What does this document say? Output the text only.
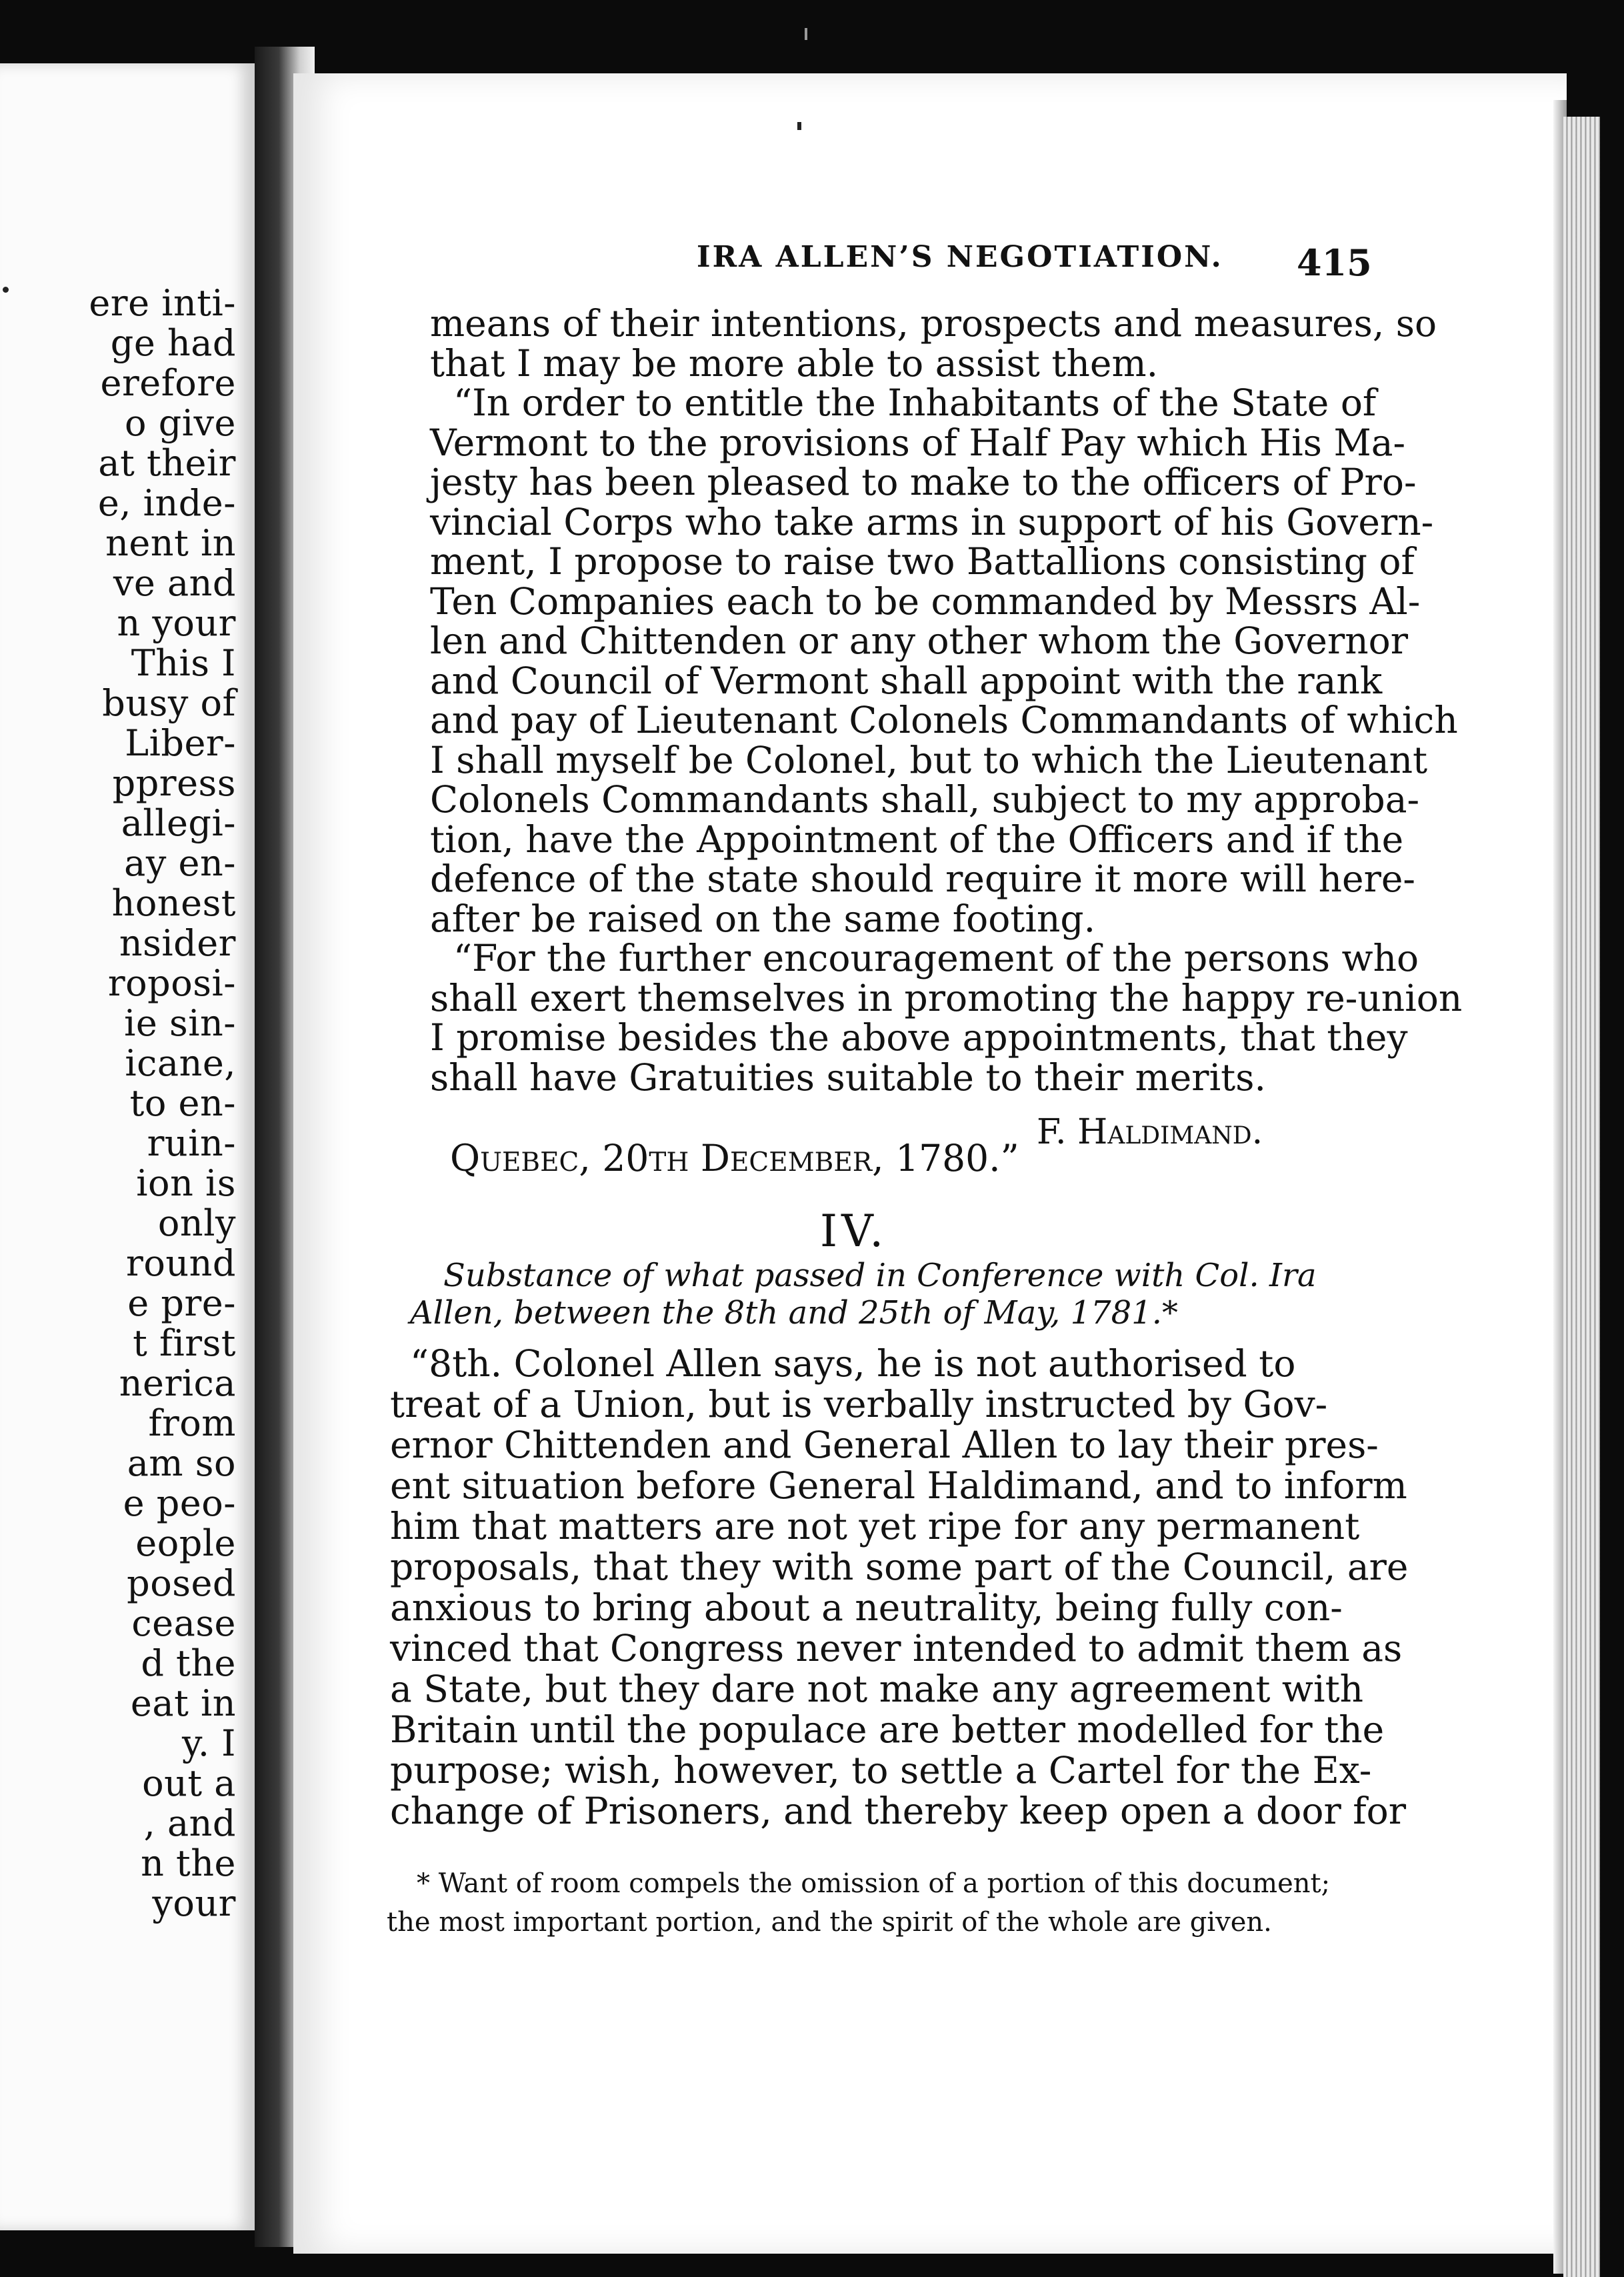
ere inti-
ge had
erefore
o give
at their
e, inde-
nent in
ve and
n your
This I
busy of
Liber-
ppress
allegi-
ay en-
honest
nsider
roposi-
ie sin-
icane,
to en-
ruin-
ion is
only
round
e pre-
t first
nerica
from
am so
e peo-
eople
posed
cease
d the
eat in
y. I
out a
, and
n the
your
IRA ALLEN’S NEGOTIATION. 415
means of their intentions, prospects and measures, so
that I may be more able to assist them.
“In order to entitle the Inhabitants of the State of
Vermont to the provisions of Half Pay which His Ma-
jesty has been pleased to make to the officers of Pro-
vincial Corps who take arms in support of his Govern-
ment, I propose to raise two Battallions consisting of
Ten Companies each to be commanded by Messrs Al-
len and Chittenden or any other whom the Governor
and Council of Vermont shall appoint with the rank
and pay of Lieutenant Colonels Commandants of which
I shall myself be Colonel, but to which the Lieutenant
Colonels Commandants shall, subject to my approba-
tion, have the Appointment of the Officers and if the
defence of the state should require it more will here-
after be raised on the same footing.
“For the further encouragement of the persons who
shall exert themselves in promoting the happy re-union
I promise besides the above appointments, that they
shall have Gratuities suitable to their merits.
F. Haldimand.
Quebec, 20th December, 1780.”
IV.
Substance of what passed in Conference with Col. Ira
Allen, between the 8th and 25th of May, 1781.*
“8th. Colonel Allen says, he is not authorised to
treat of a Union, but is verbally instructed by Gov-
ernor Chittenden and General Allen to lay their pres-
ent situation before General Haldimand, and to inform
him that matters are not yet ripe for any permanent
proposals, that they with some part of the Council, are
anxious to bring about a neutrality, being fully con-
vinced that Congress never intended to admit them as
a State, but they dare not make any agreement with
Britain until the populace are better modelled for the
purpose; wish, however, to settle a Cartel for the Ex-
change of Prisoners, and thereby keep open a door for
* Want of room compels the omission of a portion of this document;
the most important portion, and the spirit of the whole are given.
